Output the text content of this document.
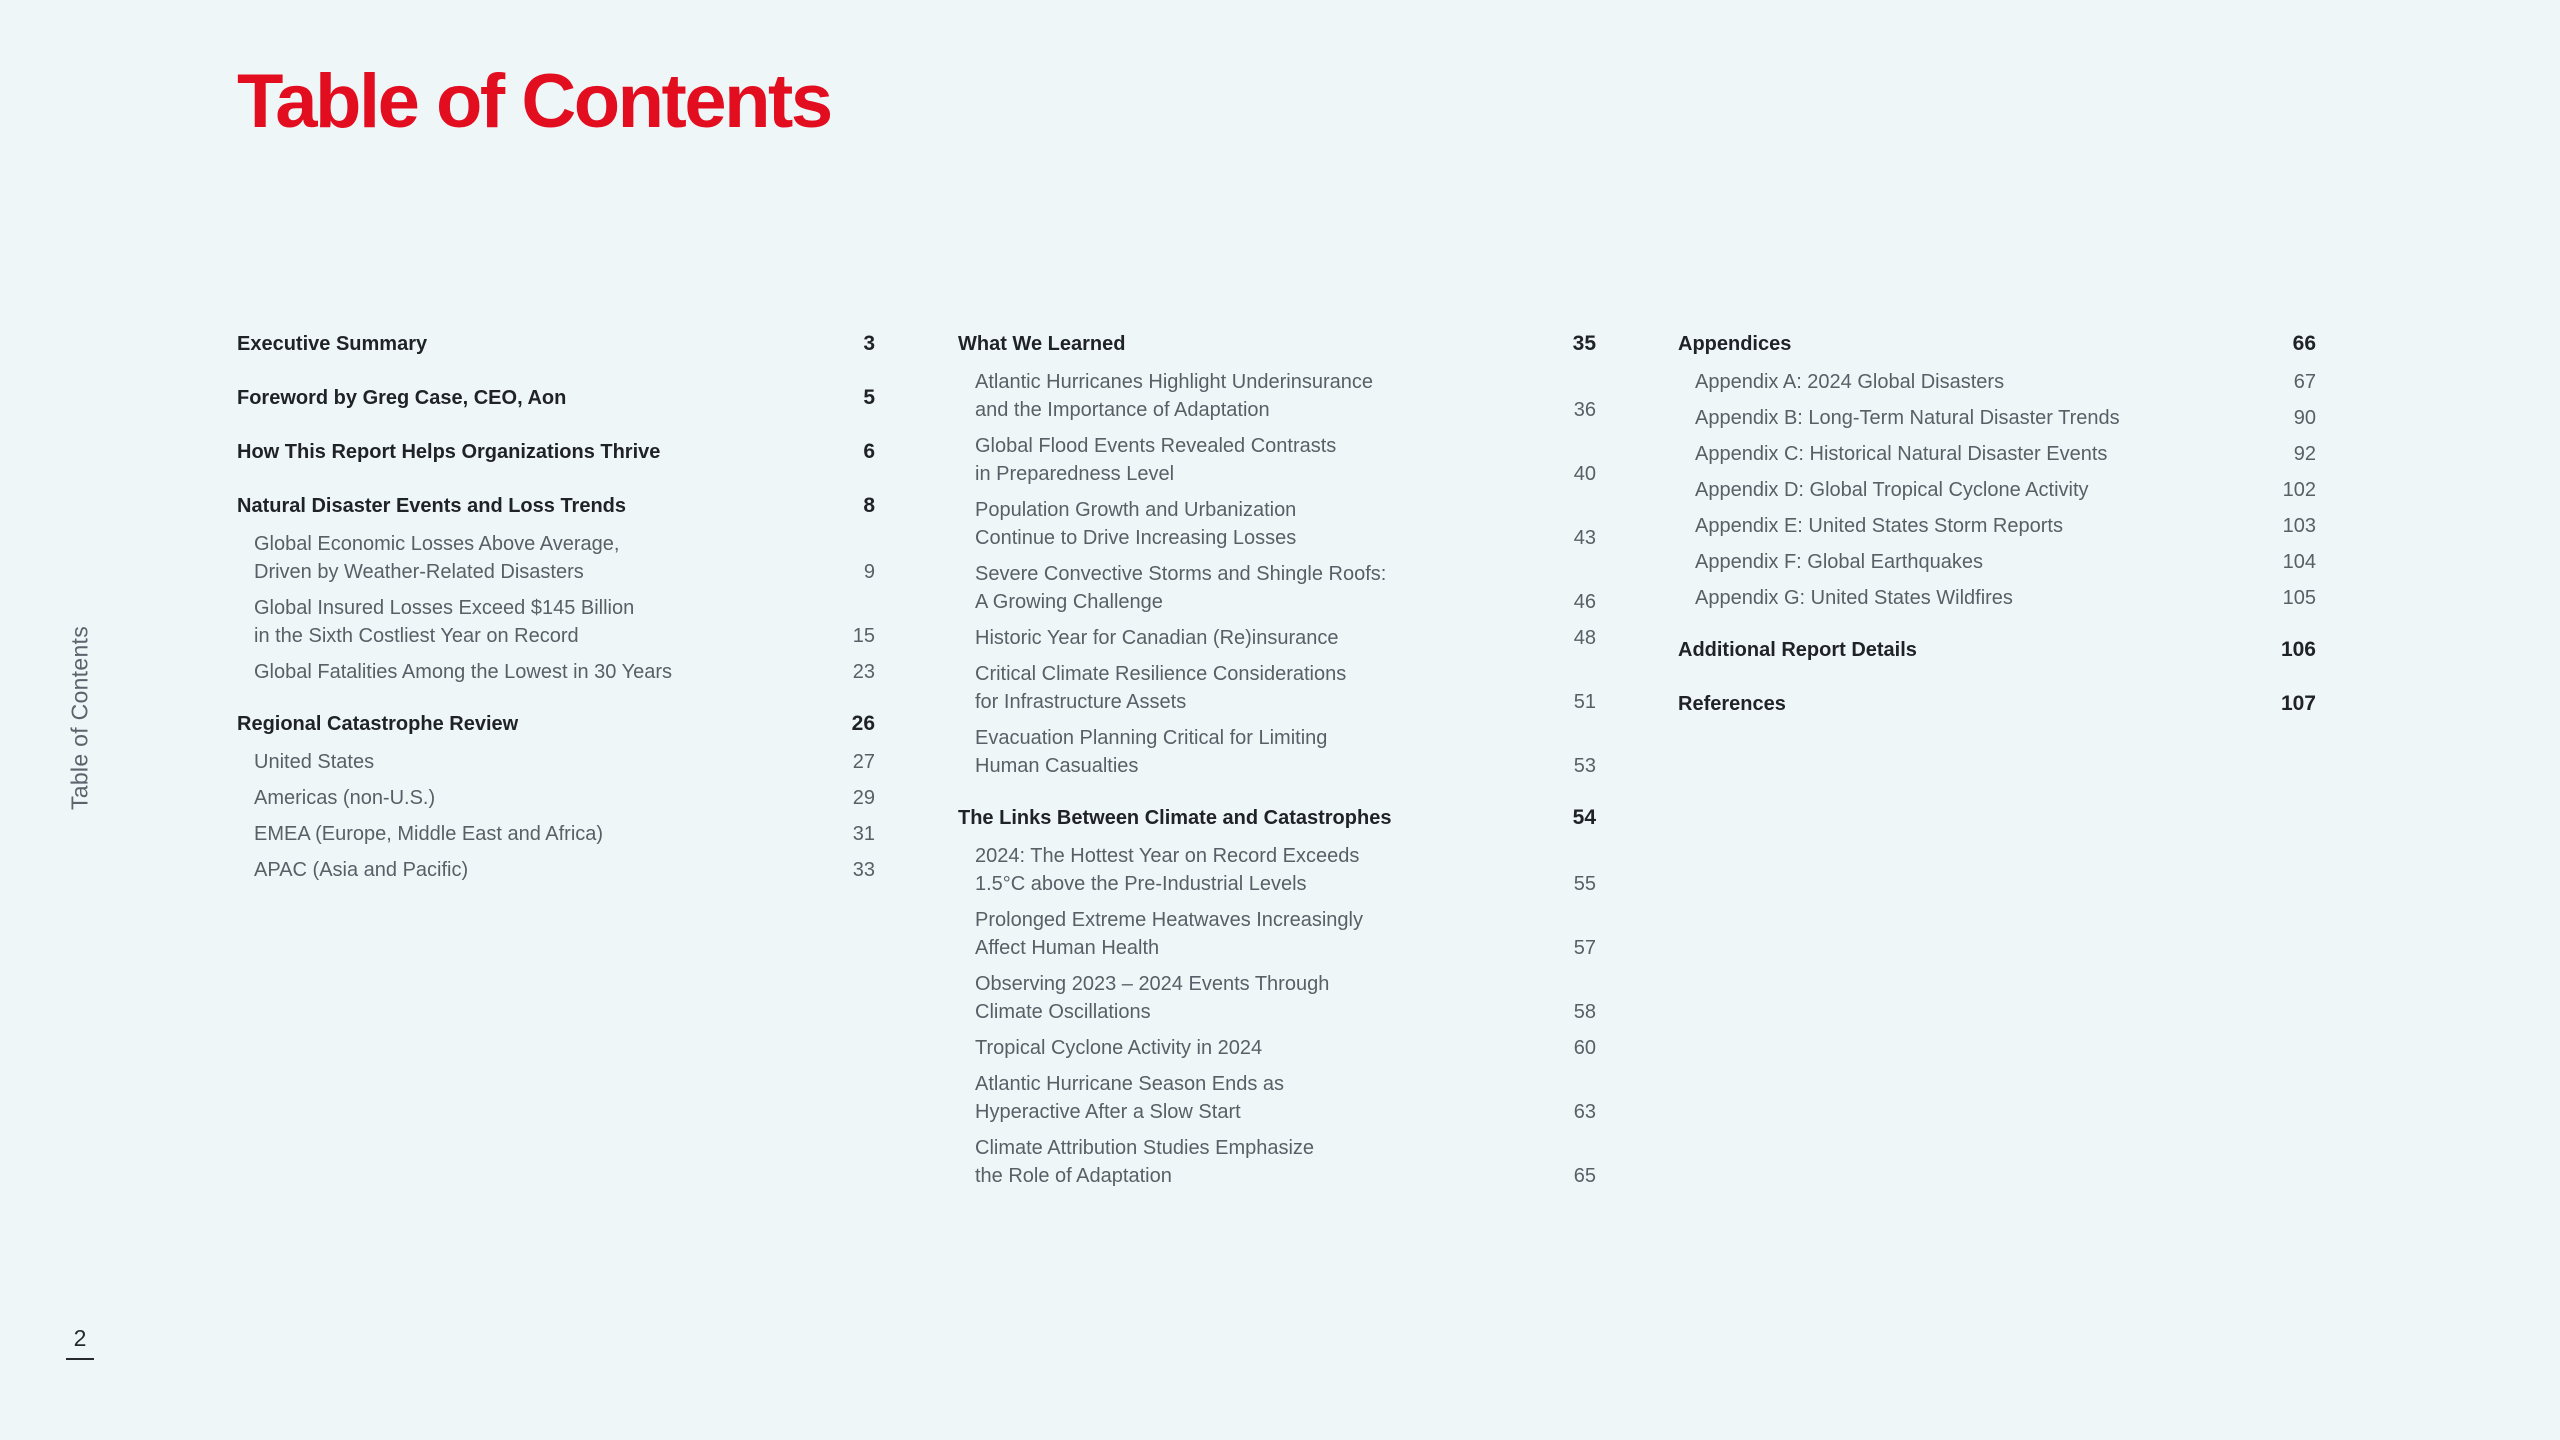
Table of Contents
Table of Contents
2
Executive Summary	3
Foreword by Greg Case, CEO, Aon	5
How This Report Helps Organizations Thrive	6
Natural Disaster Events and Loss Trends	8
Global Economic Losses Above Average,
Driven by Weather-Related Disasters	9
Global Insured Losses Exceed $145 Billion
in the Sixth Costliest Year on Record	15
Global Fatalities Among the Lowest in 30 Years	23
Regional Catastrophe Review	26
United States	27
Americas (non-U.S.)	29
EMEA (Europe, Middle East and Africa)	31
APAC (Asia and Pacific)	33
What We Learned	35
Atlantic Hurricanes Highlight Underinsurance
and the Importance of Adaptation	36
Global Flood Events Revealed Contrasts
in Preparedness Level	40
Population Growth and Urbanization
Continue to Drive Increasing Losses	43
Severe Convective Storms and Shingle Roofs:
A Growing Challenge	46
Historic Year for Canadian (Re)insurance	48
Critical Climate Resilience Considerations
for Infrastructure Assets	51
Evacuation Planning Critical for Limiting
Human Casualties	53
The Links Between Climate and Catastrophes	54
2024: The Hottest Year on Record Exceeds
1.5°C above the Pre-Industrial Levels	55
Prolonged Extreme Heatwaves Increasingly
Affect Human Health	57
Observing 2023 – 2024 Events Through
Climate Oscillations	58
Tropical Cyclone Activity in 2024	60
Atlantic Hurricane Season Ends as
Hyperactive After a Slow Start	63
Climate Attribution Studies Emphasize
the Role of Adaptation	65
Appendices	66
Appendix A: 2024 Global Disasters	67
Appendix B: Long-Term Natural Disaster Trends	90
Appendix C: Historical Natural Disaster Events	92
Appendix D: Global Tropical Cyclone Activity	102
Appendix E: United States Storm Reports	103
Appendix F: Global Earthquakes	104
Appendix G: United States Wildfires	105
Additional Report Details	106
References	107
